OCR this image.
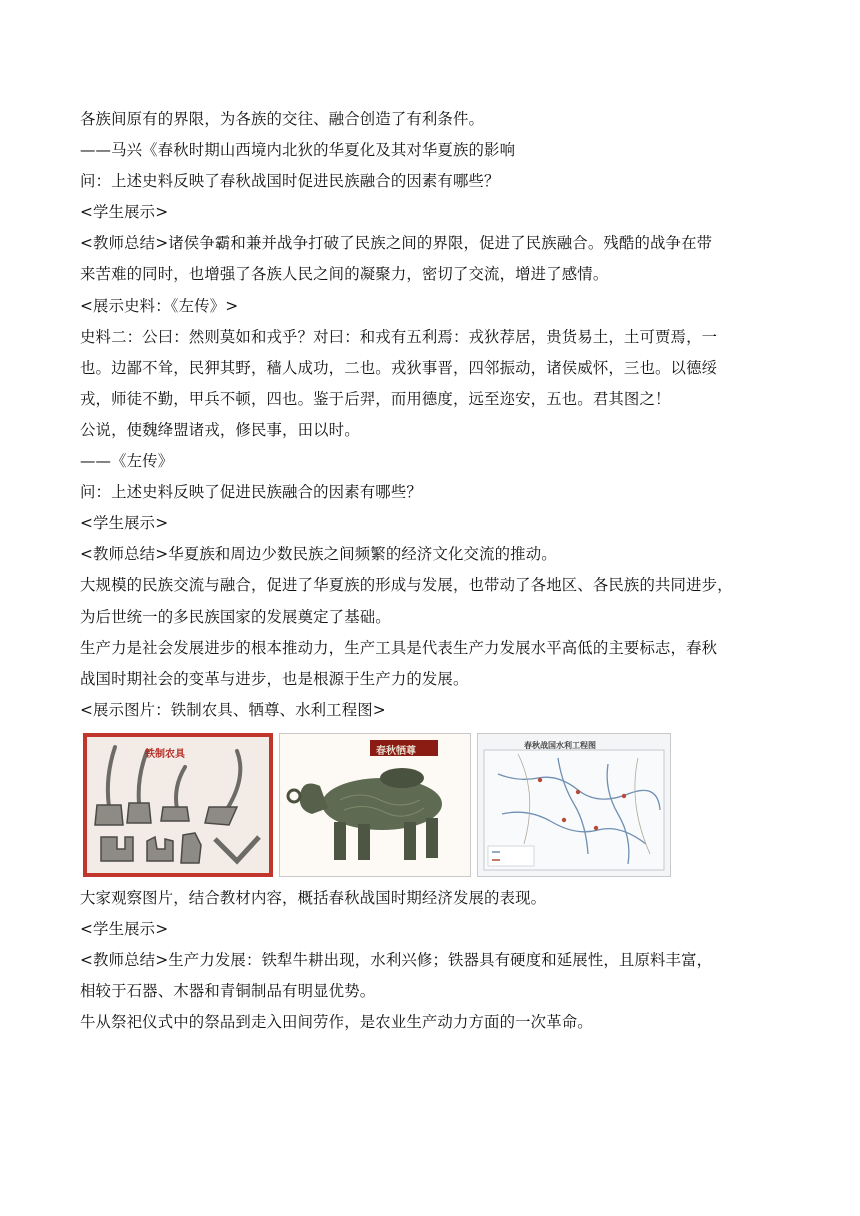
各族间原有的界限，为各族的交往、融合创造了有利条件。
——马兴《春秋时期山西境内北狄的华夏化及其对华夏族的影响
问：上述史料反映了春秋战国时促进民族融合的因素有哪些？
<学生展示>
<教师总结>诸侯争霸和兼并战争打破了民族之间的界限，促进了民族融合。残酷的战争在带
来苦难的同时，也增强了各族人民之间的凝聚力，密切了交流，增进了感情。
<展示史料：《左传》>
史料二：公曰：然则莫如和戎乎？对曰：和戎有五利焉：戎狄荐居，贵货易土，土可贾焉，一
也。边鄙不耸，民狎其野，穑人成功，二也。戎狄事晋，四邻振动，诸侯威怀，三也。以德绥
戎，师徒不勤，甲兵不顿，四也。鉴于后羿，而用德度，远至迩安，五也。君其图之！
公说，使魏绛盟诸戎，修民事，田以时。
——《左传》
问：上述史料反映了促进民族融合的因素有哪些？
<学生展示>
<教师总结>华夏族和周边少数民族之间频繁的经济文化交流的推动。
大规模的民族交流与融合，促进了华夏族的形成与发展，也带动了各地区、各民族的共同进步，
为后世统一的多民族国家的发展奠定了基础。
生产力是社会发展进步的根本推动力，生产工具是代表生产力发展水平高低的主要标志，春秋
战国时期社会的变革与进步，也是根源于生产力的发展。
<展示图片：铁制农具、牺尊、水利工程图>
铁制农具	春秋牺尊
春秋战国水利工程图
大家观察图片，结合教材内容，概括春秋战国时期经济发展的表现。
<学生展示>
<教师总结>生产力发展：铁犁牛耕出现，水利兴修；铁器具有硬度和延展性，且原料丰富，
相较于石器、木器和青铜制品有明显优势。
牛从祭祀仪式中的祭品到走入田间劳作，是农业生产动力方面的一次革命。
